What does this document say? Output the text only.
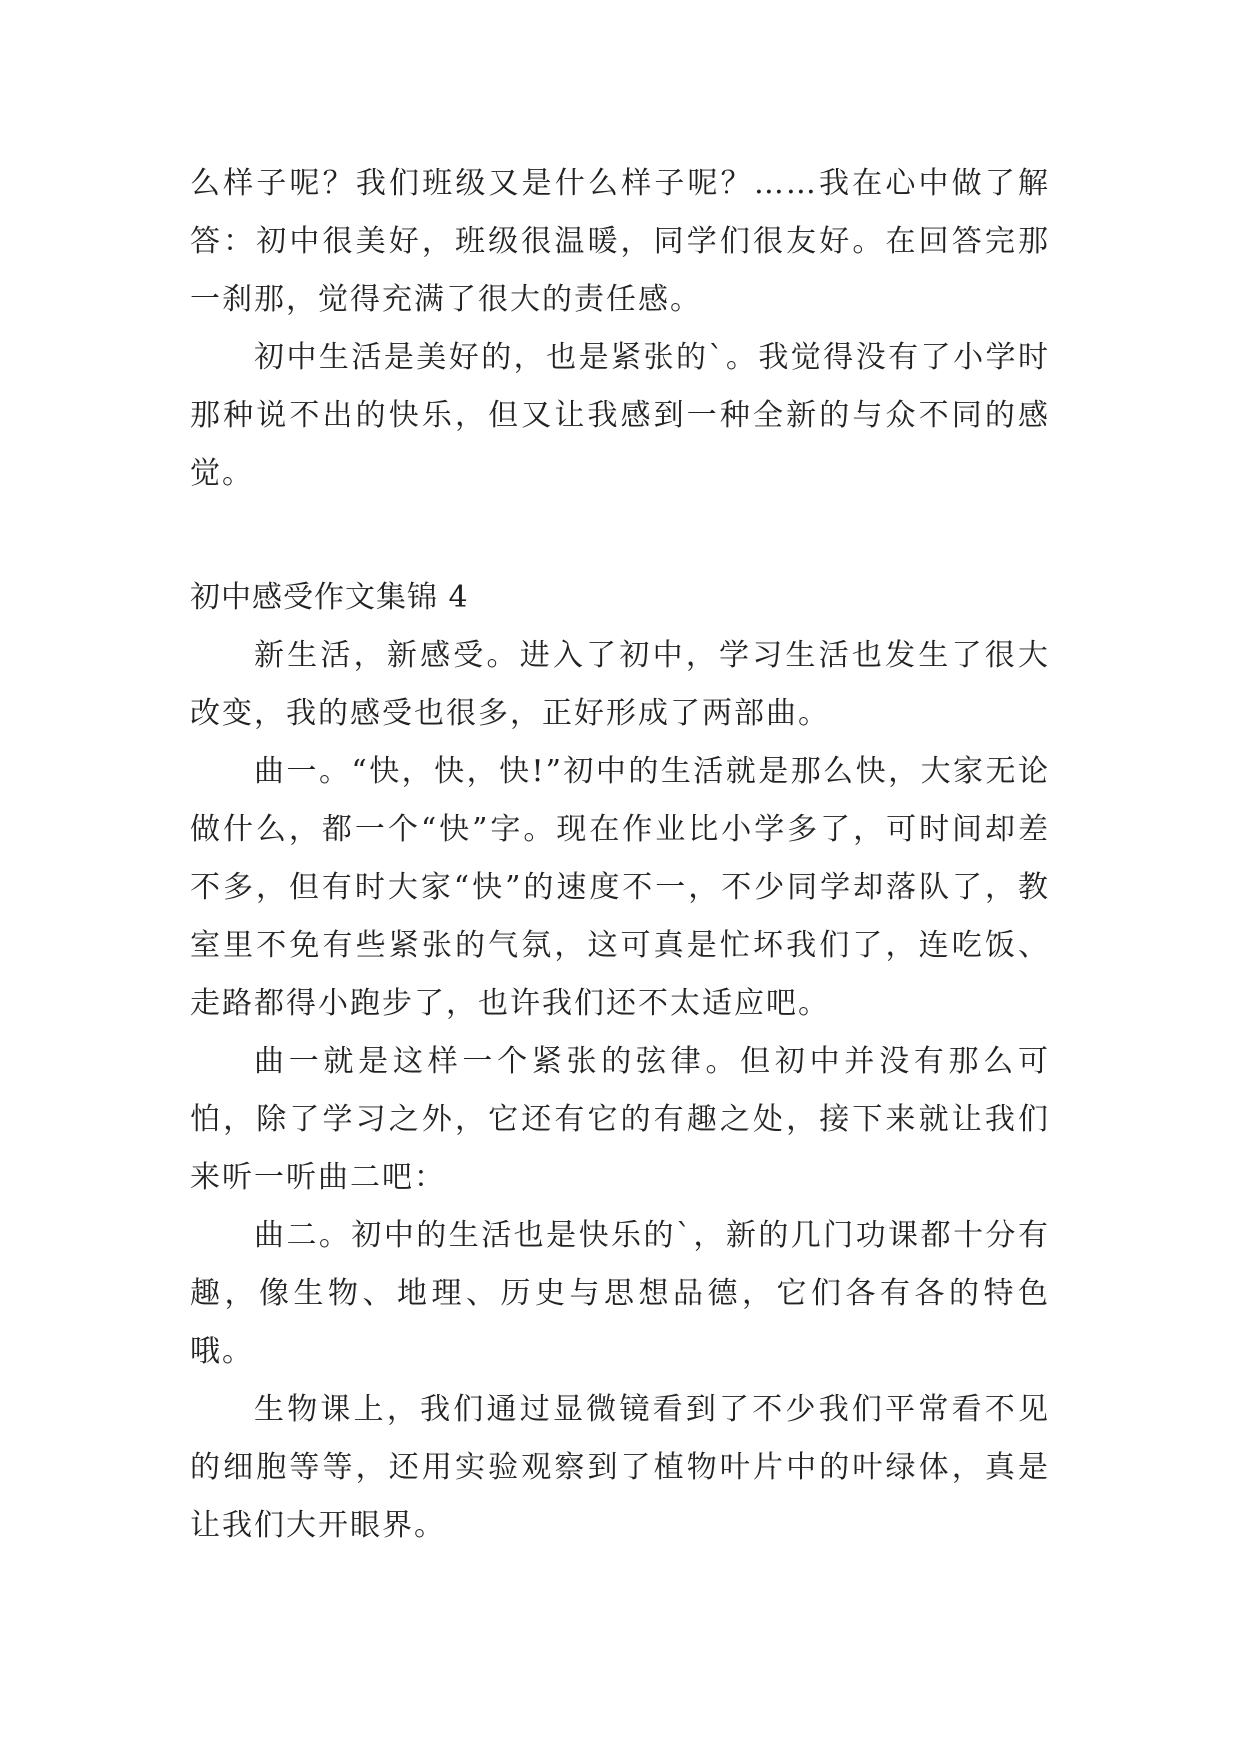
么样子呢？我们班级又是什么样子呢？……我在心中做了解答：初中很美好，班级很温暖，同学们很友好。在回答完那一刹那，觉得充满了很大的责任感。

初中生活是美好的，也是紧张的`。我觉得没有了小学时那种说不出的快乐，但又让我感到一种全新的与众不同的感觉。

初中感受作文集锦 4

新生活，新感受。进入了初中，学习生活也发生了很大改变，我的感受也很多，正好形成了两部曲。

曲一。“快，快，快!”初中的生活就是那么快，大家无论做什么，都一个“快”字。现在作业比小学多了，可时间却差不多，但有时大家“快”的速度不一，不少同学却落队了，教室里不免有些紧张的气氛，这可真是忙坏我们了，连吃饭、走路都得小跑步了，也许我们还不太适应吧。

曲一就是这样一个紧张的弦律。但初中并没有那么可怕，除了学习之外，它还有它的有趣之处，接下来就让我们来听一听曲二吧：

曲二。初中的生活也是快乐的`，新的几门功课都十分有趣，像生物、地理、历史与思想品德，它们各有各的特色哦。

生物课上，我们通过显微镜看到了不少我们平常看不见的细胞等等，还用实验观察到了植物叶片中的叶绿体，真是让我们大开眼界。
